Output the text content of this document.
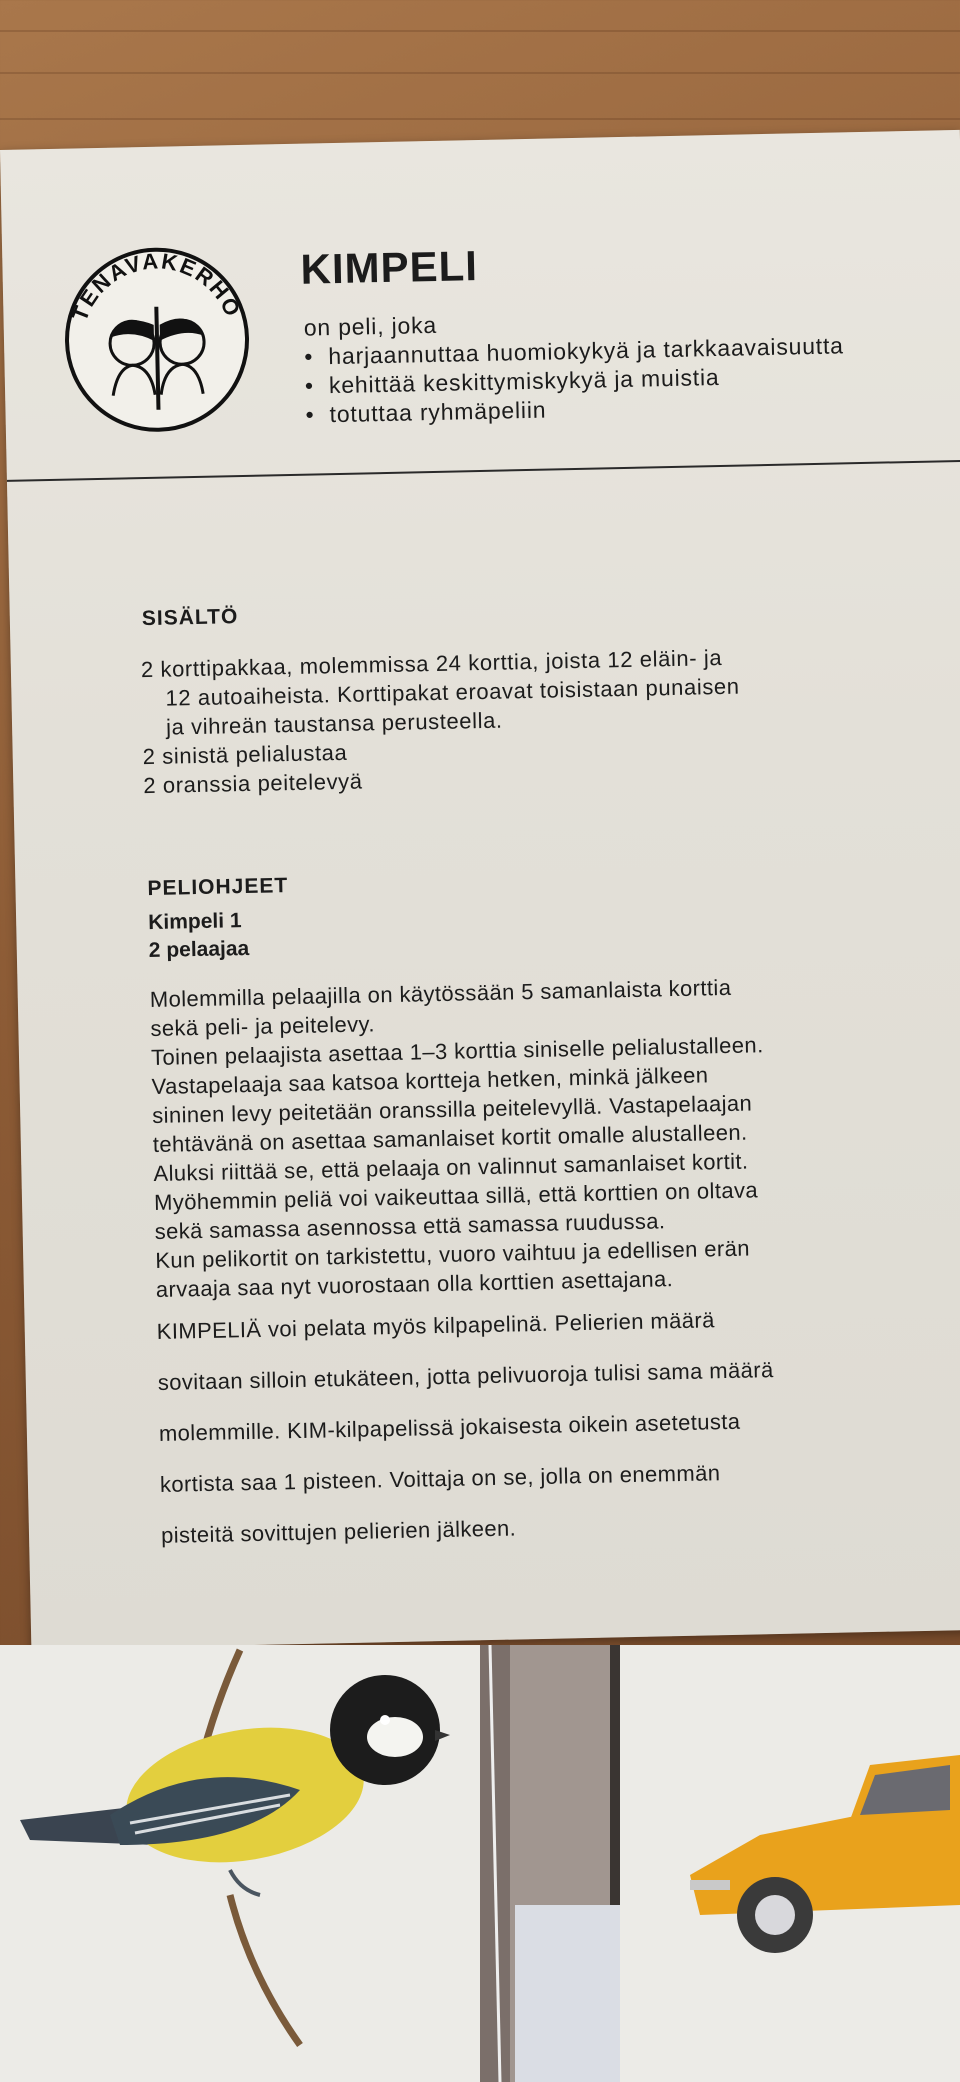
TENAVAKERHO
KIMPELI
on peli, joka
• harjaannuttaa huomiokykyä ja tarkkaavaisuutta
• kehittää keskittymiskykyä ja muistia
• totuttaa ryhmäpeliin
SISÄLTÖ

2 korttipakkaa, molemmissa 24 korttia, joista 12 eläin- ja

12 autoaiheista. Korttipakat eroavat toisistaan punaisen

ja vihreän taustansa perusteella.

2 sinistä pelialustaa

2 oranssia peitelevyä

PELIOHJEET
Kimpeli 1
2 pelaajaa

Molemmilla pelaajilla on käytössään 5 samanlaista korttia

sekä peli- ja peitelevy.

Toinen pelaajista asettaa 1–3 korttia siniselle pelialustalleen.

Vastapelaaja saa katsoa kortteja hetken, minkä jälkeen

sininen levy peitetään oranssilla peitelevyllä. Vastapelaajan

tehtävänä on asettaa samanlaiset kortit omalle alustalleen.

Aluksi riittää se, että pelaaja on valinnut samanlaiset kortit.

Myöhemmin peliä voi vaikeuttaa sillä, että korttien on oltava

sekä samassa asennossa että samassa ruudussa.

Kun pelikortit on tarkistettu, vuoro vaihtuu ja edellisen erän

arvaaja saa nyt vuorostaan olla korttien asettajana.

KIMPELIÄ voi pelata myös kilpapelinä. Pelierien määrä

sovitaan silloin etukäteen, jotta pelivuoroja tulisi sama määrä

molemmille. KIM-kilpapelissä jokaisesta oikein asetetusta

kortista saa 1 pisteen. Voittaja on se, jolla on enemmän

pisteitä sovittujen pelierien jälkeen.
